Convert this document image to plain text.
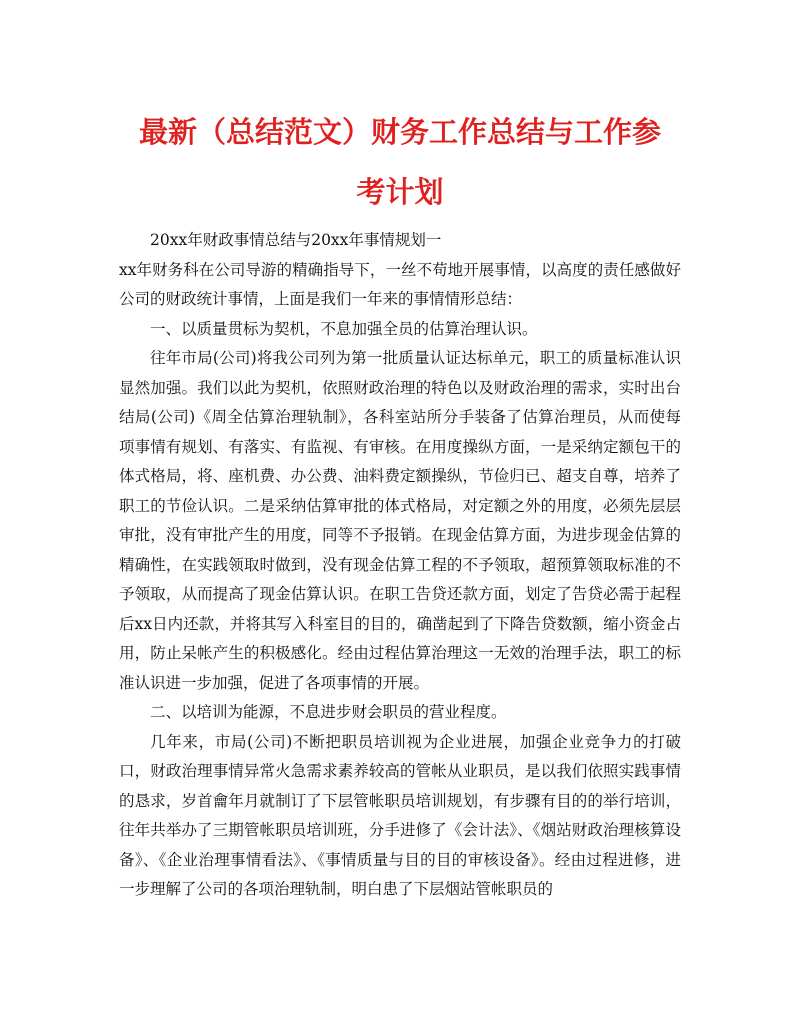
最新（总结范文）财务工作总结与工作参
考计划

20xx年财政事情总结与20xx年事情规划一

xx年财务科在公司导游的精确指导下，一丝不苟地开展事情，以高度的责任感做好公司的财政统计事情，上面是我们一年来的事情情形总结：

一、以质量贯标为契机，不息加强全员的估算治理认识。

往年市局(公司)将我公司列为第一批质量认证达标单元，职工的质量标准认识显然加强。我们以此为契机，依照财政治理的特色以及财政治理的需求，实时出台结局(公司)《周全估算治理轨制》，各科室站所分手装备了估算治理员，从而使每项事情有规划、有落实、有监视、有审核。在用度操纵方面，一是采纳定额包干的体式格局，将、座机费、办公费、油料费定额操纵，节俭归已、超支自尊，培养了职工的节俭认识。二是采纳估算审批的体式格局，对定额之外的用度，必须先层层审批，没有审批产生的用度，同等不予报销。在现金估算方面，为进步现金估算的精确性，在实践领取时做到，没有现金估算工程的不予领取，超预算领取标准的不予领取，从而提高了现金估算认识。在职工告贷还款方面，划定了告贷必需于起程后xx日内还款，并将其写入科室目的目的，确凿起到了下降告贷数额，缩小资金占用，防止呆帐产生的积极感化。经由过程估算治理这一无效的治理手法，职工的标准认识进一步加强，促进了各项事情的开展。

二、以培训为能源，不息进步财会职员的营业程度。

几年来，市局(公司)不断把职员培训视为企业进展，加强企业竞争力的打破口，财政治理事情异常火急需求素养较高的管帐从业职员，是以我们依照实践事情的恳求，岁首龠年月就制订了下层管帐职员培训规划，有步骤有目的的举行培训，往年共举办了三期管帐职员培训班，分手进修了《会计法》、《烟站财政治理核算设备》、《企业治理事情看法》、《事情质量与目的目的审核设备》。经由过程进修，进一步理解了公司的各项治理轨制，明白患了下层烟站管帐职员的
